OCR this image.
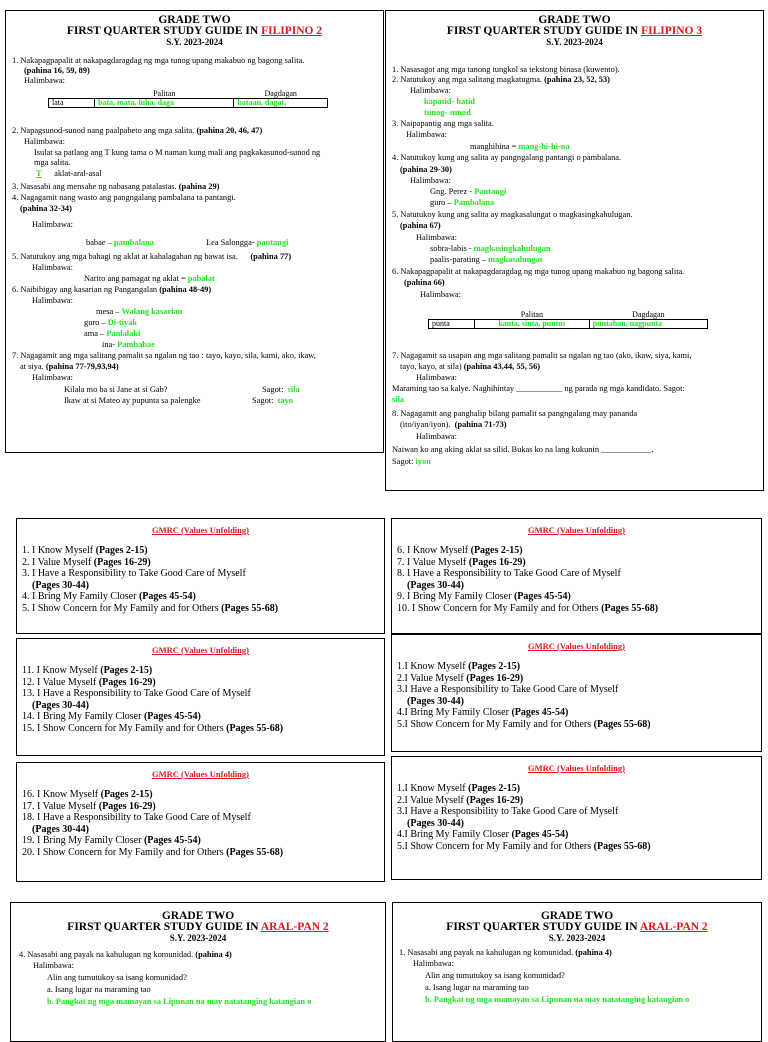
GRADE TWO
FIRST QUARTER STUDY GUIDE IN FILIPINO 2
S.Y. 2023-2024
1. Nakapagpapalit at nakapagdaragdag ng mga tunog upang makabuo ng bagong salita.
(pahina 16, 59, 89)
Halimbawa:
	Palitan	Dagdagan
lata	bata, mata, luha, daga	bataan, dagat,
2. Napagsunod-sunod nang paalpabeto ang mga salita. (pahina 20, 46, 47)
Halimbawa:
Isulat sa patlang ang T kung tama o M naman kung mali ang pagkakasunod-sunod ng
mga salita.
T aklat-aral-asal
3. Nasasabi ang mensahe ng nabasang patalastas. (pahina 29)
4. Nagagamit nang wasto ang pangngalang pambalana ta pantangi.
(pahina 32-34)
Halimbawa:
babae – pambalana	Lea Salongga- pantangi
5. Natutukoy ang mga bahagi ng aklat at kahalagahan ng bawat isa. (pahina 77)
Halimbawa:
Narito ang pamagat ng aklat = pabalat
6. Naibibigay ang kasarian ng Pangangalan (pahina 48-49)
Halimbawa:
mesa – Walang kasarian
guro – Di-tiyak
ama – Panlalaki
ina- Pambabae
7. Nagagamit ang mga salitang pamalit sa ngalan ng tao : tayo, kayo, sila, kami, ako, ikaw,
at siya. (pahina 77-79,93,94)
Halimbawa:
Kilala mo ba si Jane at si Gab?	Sagot: sila
Ikaw at si Mateo ay pupunta sa palengke	Sagot: tayo
GRADE TWO
FIRST QUARTER STUDY GUIDE IN FILIPINO 3
S.Y. 2023-2024
1. Nasasagot ang mga tanong tungkol sa tekstong binasa (kuwento).
2. Natutukoy ang mga salitang magkatugma. (pahina 23, 52, 53)
Halimbawa:
kapatid- hatid
tunog- sunod
3. Naipapantig ang mga salita.
Halimbawa:
manghihina = mang-hi-hi-na
4. Natutukoy kung ang salita ay pangngalang pantangi o pambalana.
(pahina 29-30)
Halimbawa:
Gng. Perez - Pantangi
guro – Pambalana
5. Natutukoy kung ang salita ay magkasalungat o magkasingkahulugan.
(pahina 67)
Halimbawa:
sobra-labis - magkasingkahulugan
paalis-parating – magkasalungat
6. Nakapagpapalit at nakapagdaragdag ng mga tunog upang makabuo ng bagong salita.
(pahina 66)
Halimbawa:
	Palitan	Dagdagan
punta	kanta, sinta, puntos	puntahan, nagpunta
7. Nagagamit sa usapan ang mga salitang pamalit sa ngalan ng tao (ako, ikaw, siya, kami,
tayo, kayo, at sila) (pahina 43,44, 55, 56)
Halimbawa:
Maraming tao sa kalye. Naghihintay ___________ ng parada ng mga kandidato. Sagot:
sila
8. Nagagamit ang panghalip bilang pamalit sa pangngalang may pananda
(ito/iyan/iyon). (pahina 71-73)
Halimbawa:
Naiwan ko ang aking aklat sa silid. Bukas ko na lang kukunin ____________.
Sagot: iyon
GMRC (Values Unfolding)
1. I Know Myself (Pages 2-15)
2. I Value Myself (Pages 16-29)
3. I Have a Responsibility to Take Good Care of Myself
(Pages 30-44)
4. I Bring My Family Closer (Pages 45-54)
5. I Show Concern for My Family and for Others (Pages 55-68)
GMRC (Values Unfolding)
6. I Know Myself (Pages 2-15)
7. I Value Myself (Pages 16-29)
8. I Have a Responsibility to Take Good Care of Myself
(Pages 30-44)
9. I Bring My Family Closer (Pages 45-54)
10. I Show Concern for My Family and for Others (Pages 55-68)
GMRC (Values Unfolding)
11. I Know Myself (Pages 2-15)
12. I Value Myself (Pages 16-29)
13. I Have a Responsibility to Take Good Care of Myself
(Pages 30-44)
14. I Bring My Family Closer (Pages 45-54)
15. I Show Concern for My Family and for Others (Pages 55-68)
GMRC (Values Unfolding)
1.I Know Myself (Pages 2-15)
2.I Value Myself (Pages 16-29)
3.I Have a Responsibility to Take Good Care of Myself
(Pages 30-44)
4.I Bring My Family Closer (Pages 45-54)
5.I Show Concern for My Family and for Others (Pages 55-68)
GMRC (Values Unfolding)
16. I Know Myself (Pages 2-15)
17. I Value Myself (Pages 16-29)
18. I Have a Responsibility to Take Good Care of Myself
(Pages 30-44)
19. I Bring My Family Closer (Pages 45-54)
20. I Show Concern for My Family and for Others (Pages 55-68)
GMRC (Values Unfolding)
1.I Know Myself (Pages 2-15)
2.I Value Myself (Pages 16-29)
3.I Have a Responsibility to Take Good Care of Myself
(Pages 30-44)
4.I Bring My Family Closer (Pages 45-54)
5.I Show Concern for My Family and for Others (Pages 55-68)
GRADE TWO
FIRST QUARTER STUDY GUIDE IN ARAL-PAN 2
S.Y. 2023-2024
4. Nasasabi ang payak na kahulugan ng komunidad. (pahina 4)
Halimbawa:
Alin ang tumutukoy sa isang komunidad?
a. Isang lugar na maraming tao
b. Pangkat ng mga mamayan sa Lipunan na may natatanging katangian o
GRADE TWO
FIRST QUARTER STUDY GUIDE IN ARAL-PAN 2
S.Y. 2023-2024
1. Nasasabi ang payak na kahulugan ng komunidad. (pahina 4)
Halimbawa:
Alin ang tumutukoy sa isang komunidad?
a. Isang lugar na maraming tao
b. Pangkat ng mga mamayan sa Lipunan na may natatanging katangian o
